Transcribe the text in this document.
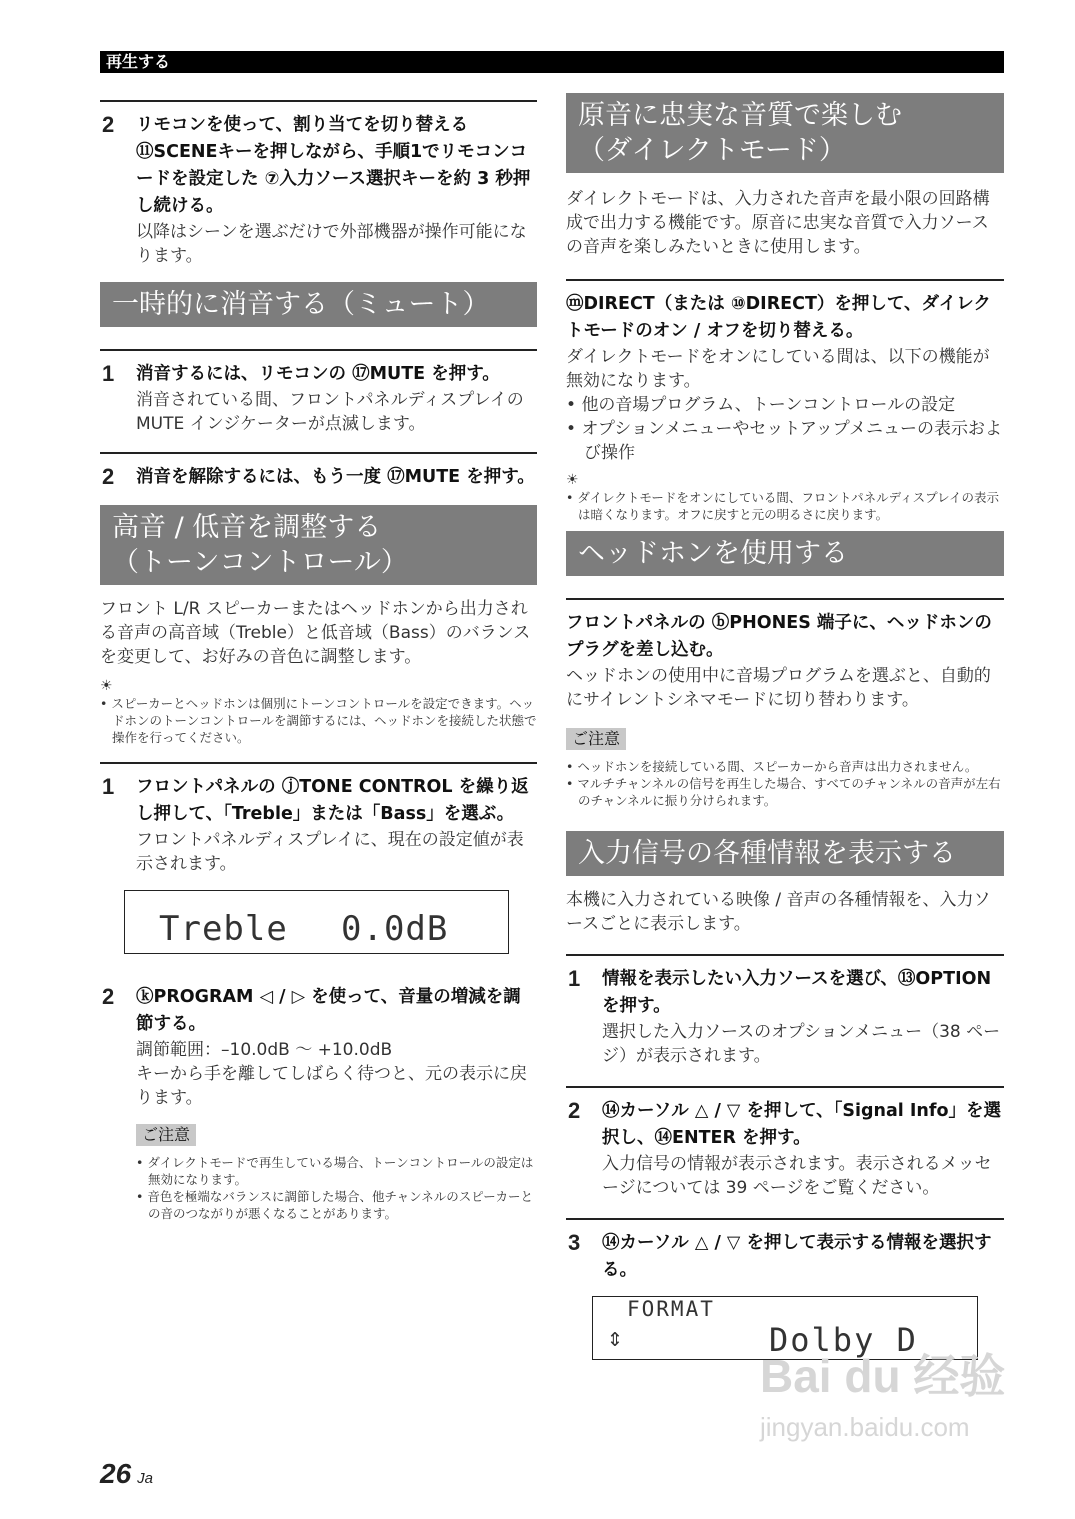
再生する
2 リモコンを使って、割り当てを切り替える ⑪SCENEキーを押しながら、手順1でリモコンコードを設定した ⑦入力ソース選択キーを約 3 秒押し続ける。
以降はシーンを選ぶだけで外部機器が操作可能になります。
一時的に消音する（ミュート）
1 消音するには、リモコンの ⑰MUTE を押す。
消音されている間、フロントパネルディスプレイの MUTE インジケーターが点滅します。
2 消音を解除するには、もう一度 ⑰MUTE を押す。
高音 / 低音を調整する
（トーンコントロール）
フロント L/R スピーカーまたはヘッドホンから出力される音声の高音域（Treble）と低音域（Bass）のバランスを変更して、お好みの音色に調整します。
☀
• スピーカーとヘッドホンは個別にトーンコントロールを設定できます。ヘッドホンのトーンコントロールを調節するには、ヘッドホンを接続した状態で操作を行ってください。
1 フロントパネルの ⓙTONE CONTROL を繰り返し押して、「Treble」または「Bass」を選ぶ。
フロントパネルディスプレイに、現在の設定値が表示されます。
Treble 0.0dB
2 ⓚPROGRAM ◁ / ▷ を使って、音量の増減を調節する。
調節範囲：–10.0dB ～ +10.0dB
キーから手を離してしばらく待つと、元の表示に戻ります。
ご注意
• ダイレクトモードで再生している場合、トーンコントロールの設定は無効になります。
• 音色を極端なバランスに調節した場合、他チャンネルのスピーカーとの音のつながりが悪くなることがあります。
原音に忠実な音質で楽しむ
（ダイレクトモード）
ダイレクトモードは、入力された音声を最小限の回路構成で出力する機能です。原音に忠実な音質で入力ソースの音声を楽しみたいときに使用します。
ⓜDIRECT（または ⑩DIRECT）を押して、ダイレクトモードのオン / オフを切り替える。
ダイレクトモードをオンにしている間は、以下の機能が無効になります。
• 他の音場プログラム、トーンコントロールの設定
• オプションメニューやセットアップメニューの表示および操作
☀
• ダイレクトモードをオンにしている間、フロントパネルディスプレイの表示は暗くなります。オフに戻すと元の明るさに戻ります。
ヘッドホンを使用する
フロントパネルの ⓑPHONES 端子に、ヘッドホンのプラグを差し込む。
ヘッドホンの使用中に音場プログラムを選ぶと、自動的にサイレントシネマモードに切り替わります。
ご注意
• ヘッドホンを接続している間、スピーカーから音声は出力されません。
• マルチチャンネルの信号を再生した場合、すべてのチャンネルの音声が左右のチャンネルに振り分けられます。
入力信号の各種情報を表示する
本機に入力されている映像 / 音声の各種情報を、入力ソースごとに表示します。
1 情報を表示したい入力ソースを選び、⑬OPTION を押す。
選択した入力ソースのオプションメニュー（38 ページ）が表示されます。
2 ⑭カーソル △ / ▽ を押して、「Signal Info」を選択し、⑭ENTER を押す。
入力信号の情報が表示されます。表示されるメッセージについては 39 ページをご覧ください。
3 ⑭カーソル △ / ▽ を押して表示する情報を選択する。
FORMAT
⇕	Dolby D
26 Ja
Bai du 经验
jingyan.baidu.com
